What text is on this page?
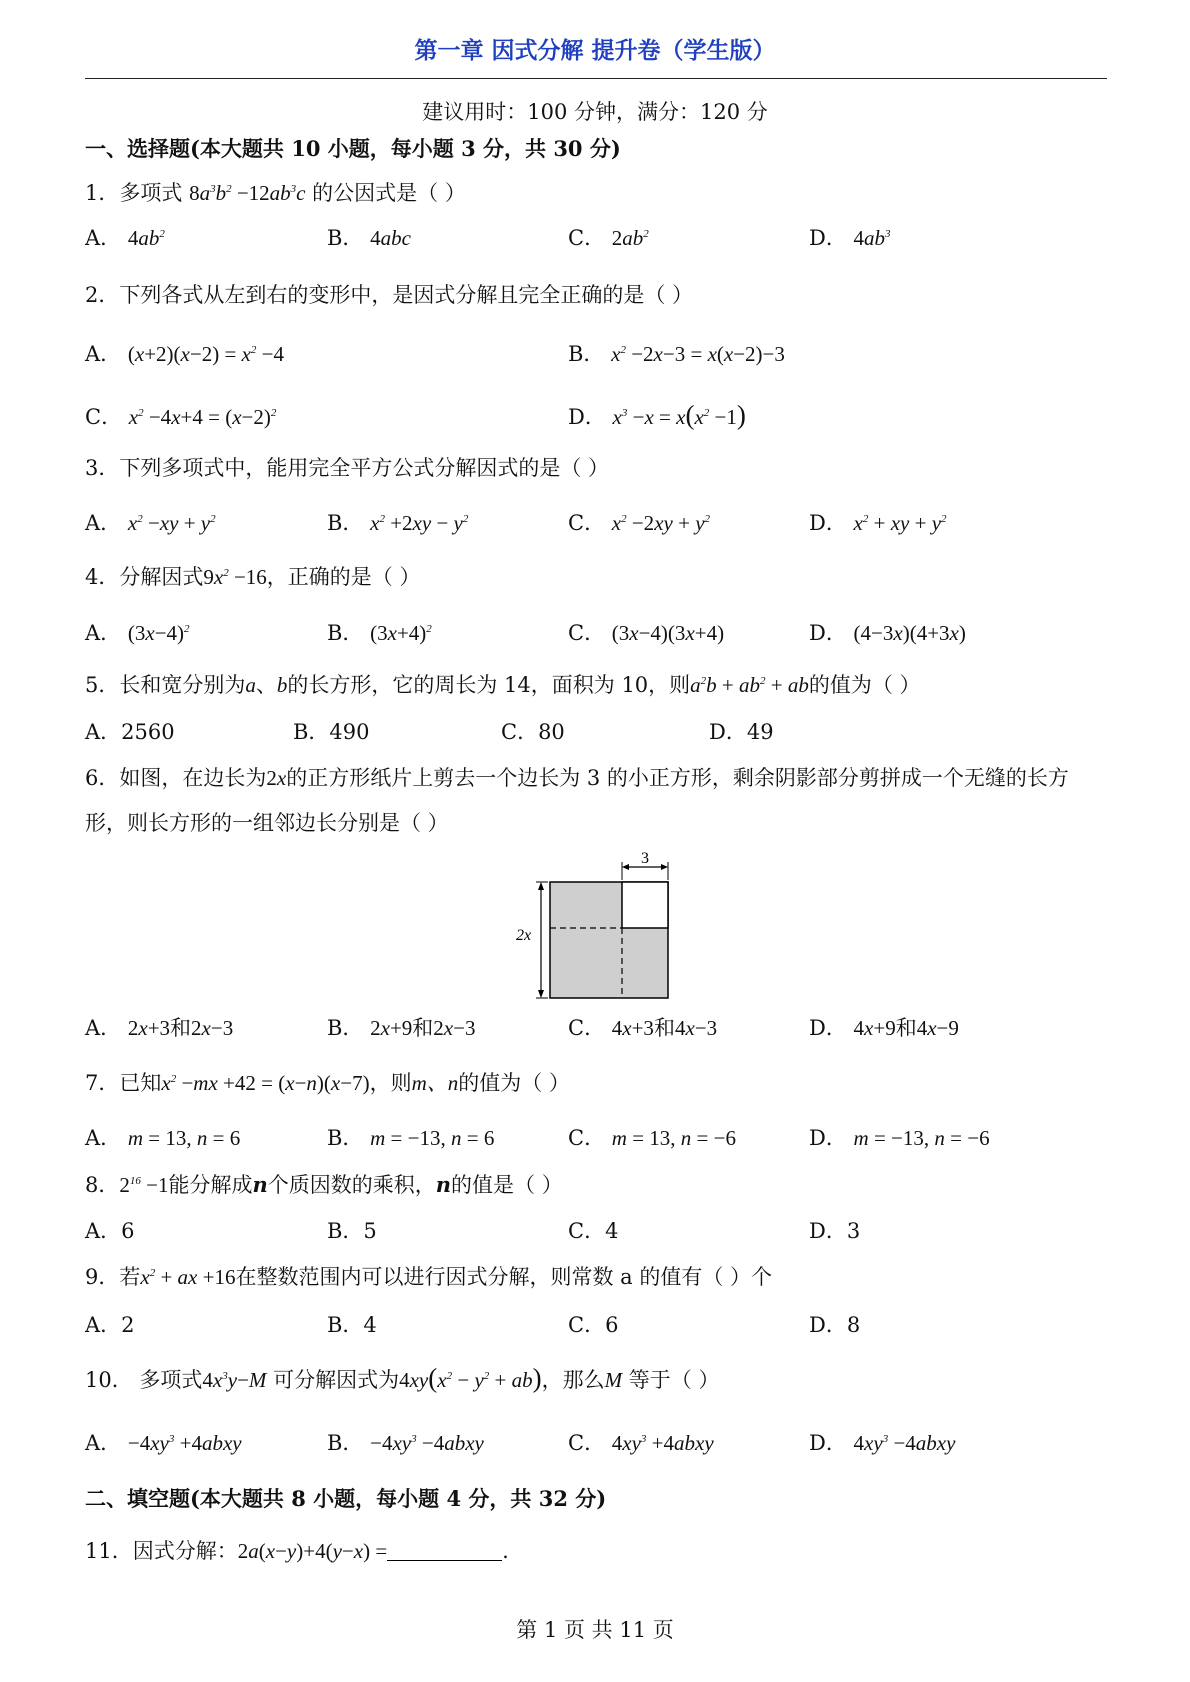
第一章 因式分解 提升卷（学生版）
建议用时：100 分钟，满分：120 分
一、选择题(本大题共 10 小题，每小题 3 分，共 30 分)
1．多项式 $8a^3b^2 -12ab^3c$ 的公因式是（ ）
A． $4ab^2$	B． 4abc	C． $2ab^2$	D． $4ab^3$
2．下列各式从左到右的变形中，是因式分解且完全正确的是（ ）
A． $(x+2)(x-2) = x^2 -4$	B． $x^2 -2x-3 = x(x-2)-3$
C． $x^2 -4x+4 = (x-2)^2$	D． $x^3 -x = x(x^2 -1)$
3．下列多项式中，能用完全平方公式分解因式的是（ ）
A． $x^2 -xy + y^2$	B． $x^2 +2xy - y^2$	C． $x^2 -2xy + y^2$	D． $x^2$ + xy + $y^2$
4．分解因式$9x^2 -16$，正确的是（ ）
A． $(3x-4)^2$	B． $(3x+4)^2$	C． (3x−4)(3x+4)	D． (4−3x)(4+3x)
5．长和宽分别为a、b的长方形，它的周长为 14，面积为 10，则$a^2b + ab^2$ + ab的值为（ ）
A．2560	B．490	C．80	D．49
6．如图，在边长为2x的正方形纸片上剪去一个边长为 3 的小正方形，剩余阴影部分剪拼成一个无缝的长方形，则长方形的一组邻边长分别是（ ）
3
2x
A． 2x+3和2x−3	B． 2x+9和2x−3	C． 4x+3和4x−3	D． 4x+9和4x−9
7．已知$x^2 -mx +42 = (x-n)(x-7)$，则m、n的值为（ ）
A． m = 13, n = 6	B． m = −13, n = 6	C． m = 13, n = −6	D． m = −13, n = −6
8．$2^{16} -1$能分解成n个质因数的乘积，n的值是（ ）
A．6	B．5	C．4	D．3
9．若$x^2$ + ax +16在整数范围内可以进行因式分解，则常数 a 的值有（ ）个
A．2	B．4	C．6	D．8
10． 多项式$4x^3y-M$ 可分解因式为$4xy(x^2 - y^2 + ab)$，那么M 等于（ ）
A． $-4xy^3$ +4abxy	B． $-4xy^3$ −4abxy	C． $4xy^3$ +4abxy	D． $4xy^3$ −4abxy
二、填空题(本大题共 8 小题，每小题 4 分，共 32 分)
11．因式分解：2a(x−y)+4(y−x) =	.
第 1 页 共 11 页
